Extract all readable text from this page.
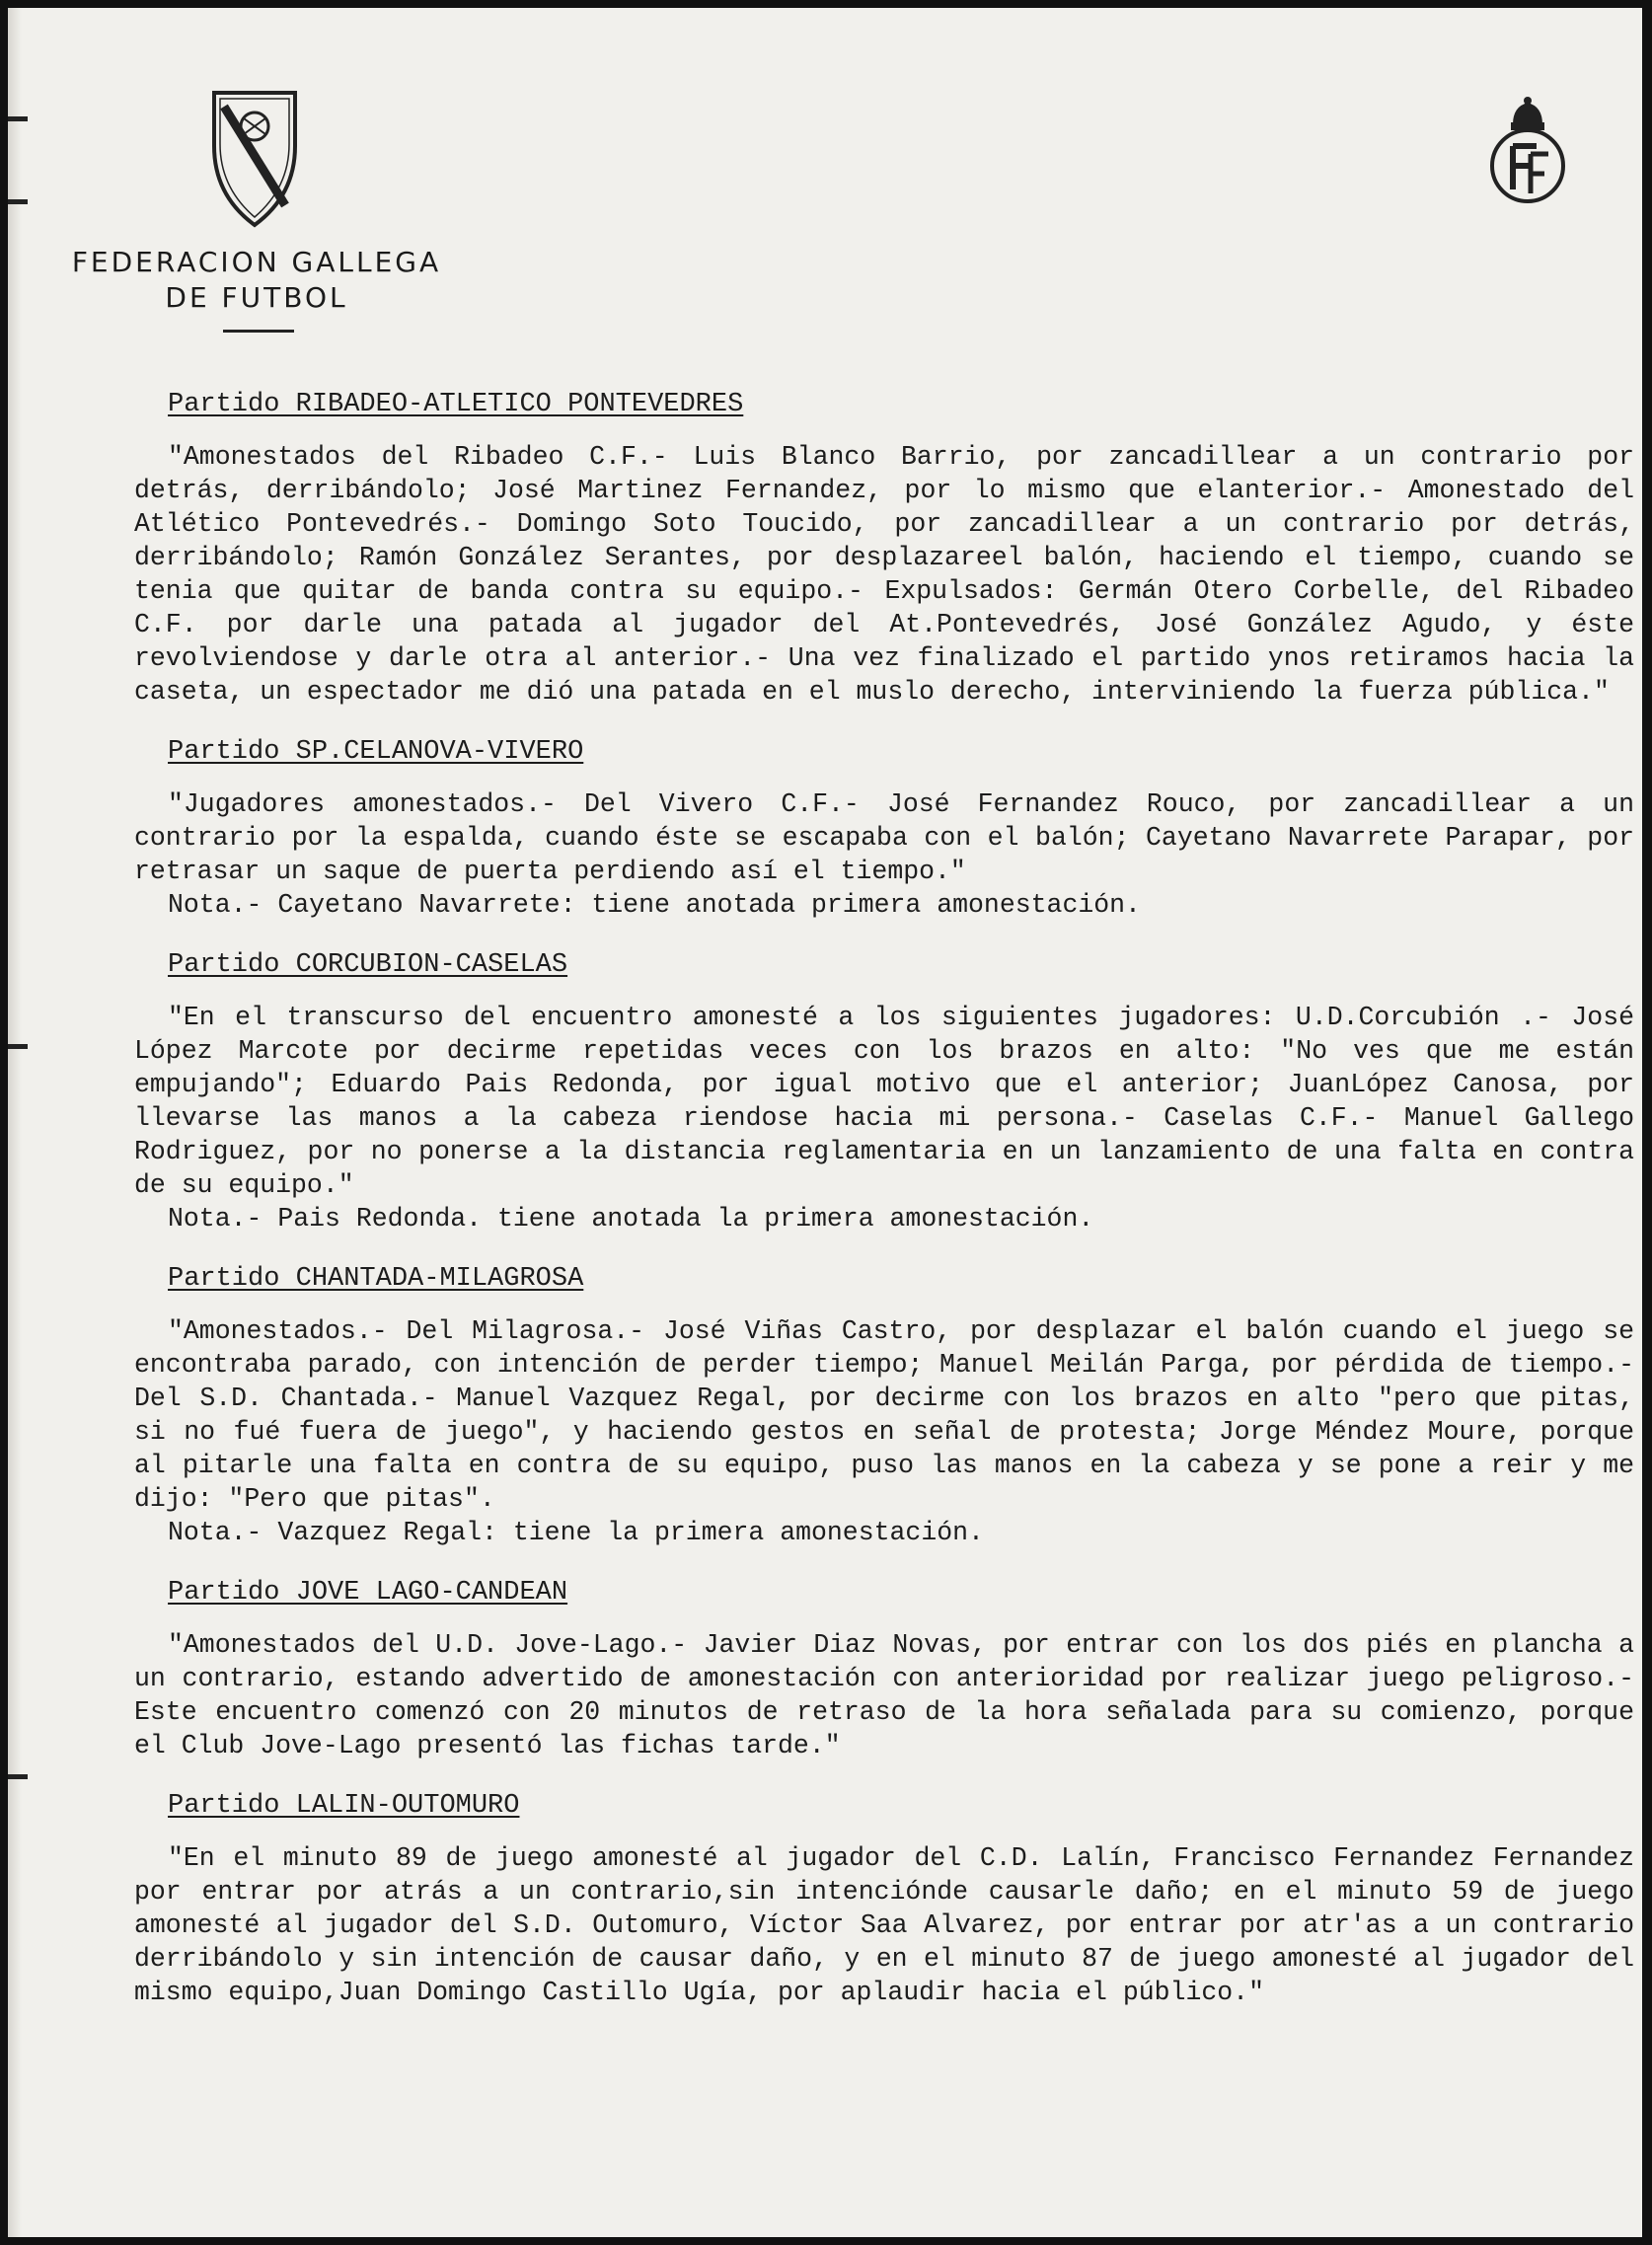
FEDERACION GALLEGA
DE FUTBOL
Partido RIBADEO-ATLETICO PONTEVEDRES

"Amonestados del Ribadeo C.F.- Luis Blanco Barrio, por zancadillear a un contrario por detrás, derribándolo; José Martinez Fernandez, por lo mismo que elanterior.- Amonestado del Atlético Pontevedrés.- Domingo Soto Toucido, por zancadillear a un contrario por detrás, derribándolo; Ramón González Serantes, por desplazareel balón, haciendo el tiempo, cuando se tenia que quitar de banda contra su equipo.- Expulsados: Germán Otero Corbelle, del Ribadeo C.F. por darle una patada al jugador del At.Pontevedrés, José González Agudo, y éste revolviendose y darle otra al anterior.- Una vez finalizado el partido ynos retiramos hacia la caseta, un espectador me dió una patada en el muslo derecho, interviniendo la fuerza pública."

Partido SP.CELANOVA-VIVERO

"Jugadores amonestados.- Del Vivero C.F.- José Fernandez Rouco, por zancadillear a un contrario por la espalda, cuando éste se escapaba con el balón; Cayetano Navarrete Parapar, por retrasar un saque de puerta perdiendo así el tiempo."

Nota.- Cayetano Navarrete: tiene anotada primera amonestación.

Partido CORCUBION-CASELAS

"En el transcurso del encuentro amonesté a los siguientes jugadores: U.D.Corcubión .- José López Marcote por decirme repetidas veces con los brazos en alto: "No ves que me están empujando"; Eduardo Pais Redonda, por igual motivo que el anterior; JuanLópez Canosa, por llevarse las manos a la cabeza riendose hacia mi persona.- Caselas C.F.- Manuel Gallego Rodriguez, por no ponerse a la distancia reglamentaria en un lanzamiento de una falta en contra de su equipo."

Nota.- Pais Redonda. tiene anotada la primera amonestación.

Partido CHANTADA-MILAGROSA

"Amonestados.- Del Milagrosa.- José Viñas Castro, por desplazar el balón cuando el juego se encontraba parado, con intención de perder tiempo; Manuel Meilán Parga, por pérdida de tiempo.- Del S.D. Chantada.- Manuel Vazquez Regal, por decirme con los brazos en alto "pero que pitas, si no fué fuera de juego", y haciendo gestos en señal de protesta; Jorge Méndez Moure, porque al pitarle una falta en contra de su equipo, puso las manos en la cabeza y se pone a reir y me dijo: "Pero que pitas".

Nota.- Vazquez Regal: tiene la primera amonestación.

Partido JOVE LAGO-CANDEAN

"Amonestados del U.D. Jove-Lago.- Javier Diaz Novas, por entrar con los dos piés en plancha a un contrario, estando advertido de amonestación con anterioridad por realizar juego peligroso.- Este encuentro comenzó con 20 minutos de retraso de la hora señalada para su comienzo, porque el Club Jove-Lago presentó las fichas tarde."

Partido LALIN-OUTOMURO

"En el minuto 89 de juego amonesté al jugador del C.D. Lalín, Francisco Fernandez Fernandez por entrar por atrás a un contrario,sin intencióndе causarle daño; en el minuto 59 de juego amonesté al jugador del S.D. Outomuro, Víctor Saa Alvarez, por entrar por atr'as a un contrario derribándolo y sin intención de causar daño, y en el minuto 87 de juego amonesté al jugador del mismo equipo,Juan Domingo Castillo Ugía, por aplaudir hacia el público."
